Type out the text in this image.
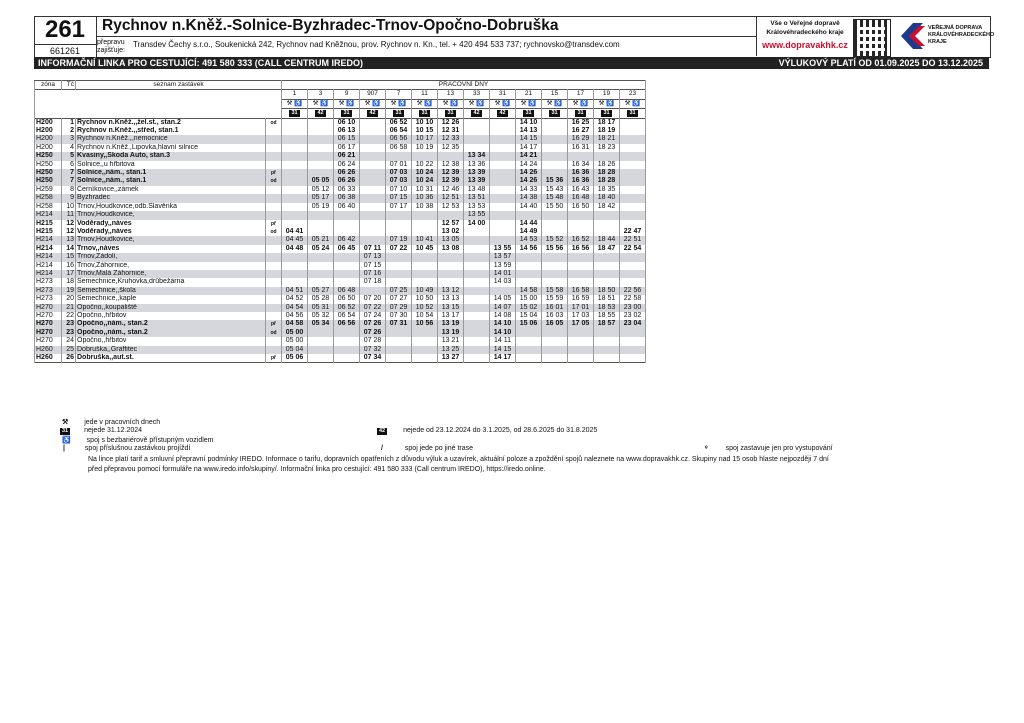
261
661261
Rychnov n.Kněž.-Solnice-Byzhradec-Trnov-Opočno-Dobruška
přepravu
zajišťuje:
Transdev Čechy s.r.o., Soukenická 242, Rychnov nad Kněžnou, prov. Rychnov n. Kn., tel. + 420 494 533 737; rychnovsko@transdev.com
Vše o Veřejné dopravě
Královéhradeckého kraje
www.dopravakhk.cz
VEŘEJNÁ DOPRAVA
KRÁLOVÉHRADECKÉHO
KRAJE
INFORMAČNÍ LINKA PRO CESTUJÍCÍ: 491 580 333 (CALL CENTRUM IREDO)	VÝLUKOVÝ PLATÍ OD 01.09.2025 DO 13.12.2025
zóna	Tč	seznam zastávek		PRACOVNÍ DNY													
				1	3	9	907	7	11	13	33	31	21	15	17	19	23
				⚒ ♿	⚒ ♿	⚒ ♿	⚒ ♿	⚒ ♿	⚒ ♿	⚒ ♿	⚒ ♿	⚒ ♿	⚒ ♿	⚒ ♿	⚒ ♿	⚒ ♿	⚒ ♿
				31	42	31	42	31	31	31	42	42	31	31	31	31	31
H200	1	Rychnov n.Kněž.,,žel.st., stan.2	od			06 10		06 52	10 10	12 26			14 10		16 25	18 17	
H200	2	Rychnov n.Kněž.,,střed, stan.1				06 13		06 54	10 15	12 31			14 13		16 27	18 19	
H200	3	Rychnov n.Kněž.,,nemocnice				06 15		06 56	10 17	12 33			14 15		16 29	18 21	
H200	4	Rychnov n.Kněž.,Lipovka,hlavní silnice				06 17		06 58	10 19	12 35			14 17		16 31	18 23	
H250	5	Kvasiny,,Škoda Auto, stan.3				06 21					13 34		14 21				
H250	6	Solnice,,u hřbitova				06 24		07 01	10 22	12 38	13 36		14 24		16 34	18 26	
H250	7	Solnice,,nám., stan.1	př			06 26		07 03	10 24	12 39	13 39		14 26		16 36	18 28	
H250	7	Solnice,,nám., stan.1	od		05 05	06 26		07 03	10 24	12 39	13 39		14 26	15 36	16 36	18 28	
H259	8	Černíkovice,,zámek			05 12	06 33		07 10	10 31	12 46	13 48		14 33	15 43	16 43	18 35	
H258	9	Byzhradec			05 17	06 38		07 15	10 36	12 51	13 51		14 38	15 48	16 48	18 40	
H258	10	Trnov,Houdkovice,odb.Slavěnka			05 19	06 40		07 17	10 38	12 53	13 53		14 40	15 50	16 50	18 42	
H214	11	Trnov,Houdkovice,									13 55						
H215	12	Voděrady,,náves	př							12 57	14 00		14 44				
H215	12	Voděrady,,náves	od	04 41						13 02			14 49				22 47
H214	13	Trnov,Houdkovice,		04 45	05 21	06 42		07 19	10 41	13 05			14 53	15 52	16 52	18 44	22 51
H214	14	Trnov,,náves		04 48	05 24	06 45	07 11	07 22	10 45	13 08		13 55	14 56	15 56	16 56	18 47	22 54
H214	15	Trnov,Zádolí,					07 13					13 57					
H214	16	Trnov,Záhornice,					07 15					13 59					
H214	17	Trnov,Malá Záhornice,					07 16					14 01					
H273	18	Semechnice,Kruhovka,drůbežárna					07 18					14 03					
H273	19	Semechnice,,škola		04 51	05 27	06 48		07 25	10 49	13 12			14 58	15 58	16 58	18 50	22 56
H273	20	Semechnice,,kaple		04 52	05 28	06 50	07 20	07 27	10 50	13 13		14 05	15 00	15 59	16 59	18 51	22 58
H270	21	Opočno,,koupaliště		04 54	05 31	06 52	07 22	07 29	10 52	13 15		14 07	15 02	16 01	17 01	18 53	23 00
H270	22	Opočno,,hřbitov		04 56	05 32	06 54	07 24	07 30	10 54	13 17		14 08	15 04	16 03	17 03	18 55	23 02
H270	23	Opočno,,nám., stan.2	př	04 58	05 34	06 56	07 26	07 31	10 56	13 19		14 10	15 06	16 05	17 05	18 57	23 04
H270	23	Opočno,,nám., stan.2	od	05 00			07 26			13 19		14 10					
H270	24	Opočno,,hřbitov		05 00			07 28			13 21		14 11					
H260	25	Dobruška,,Graffitec		05 04			07 32			13 25		14 15					
H260	26	Dobruška,,aut.st.	př	05 06			07 34			13 27		14 17					

⚒ jede v pracovních dnech
31 nejede 31.12.2024
♿ spoj s bezbariérově přístupným vozidlem
|	spoj příslušnou zastávkou projíždí
42	nejede od 23.12.2024 do 3.1.2025, od 28.6.2025 do 31.8.2025
/	spoj jede po jiné trase	ᵉ	spoj zastavuje jen pro vystupování
Na lince platí tarif a smluvní přepravní podmínky IREDO. Informace o tarifu, dopravních opatřeních z důvodu výluk a uzavírek, aktuální poloze a zpoždění spojů naleznete na www.dopravakhk.cz. Skupiny nad 15 osob hlaste nejpozději 7 dní
před přepravou pomocí formuláře na www.iredo.info/skupiny/. Informační linka pro cestující: 491 580 333 (Call centrum IREDO), https://iredo.online.
